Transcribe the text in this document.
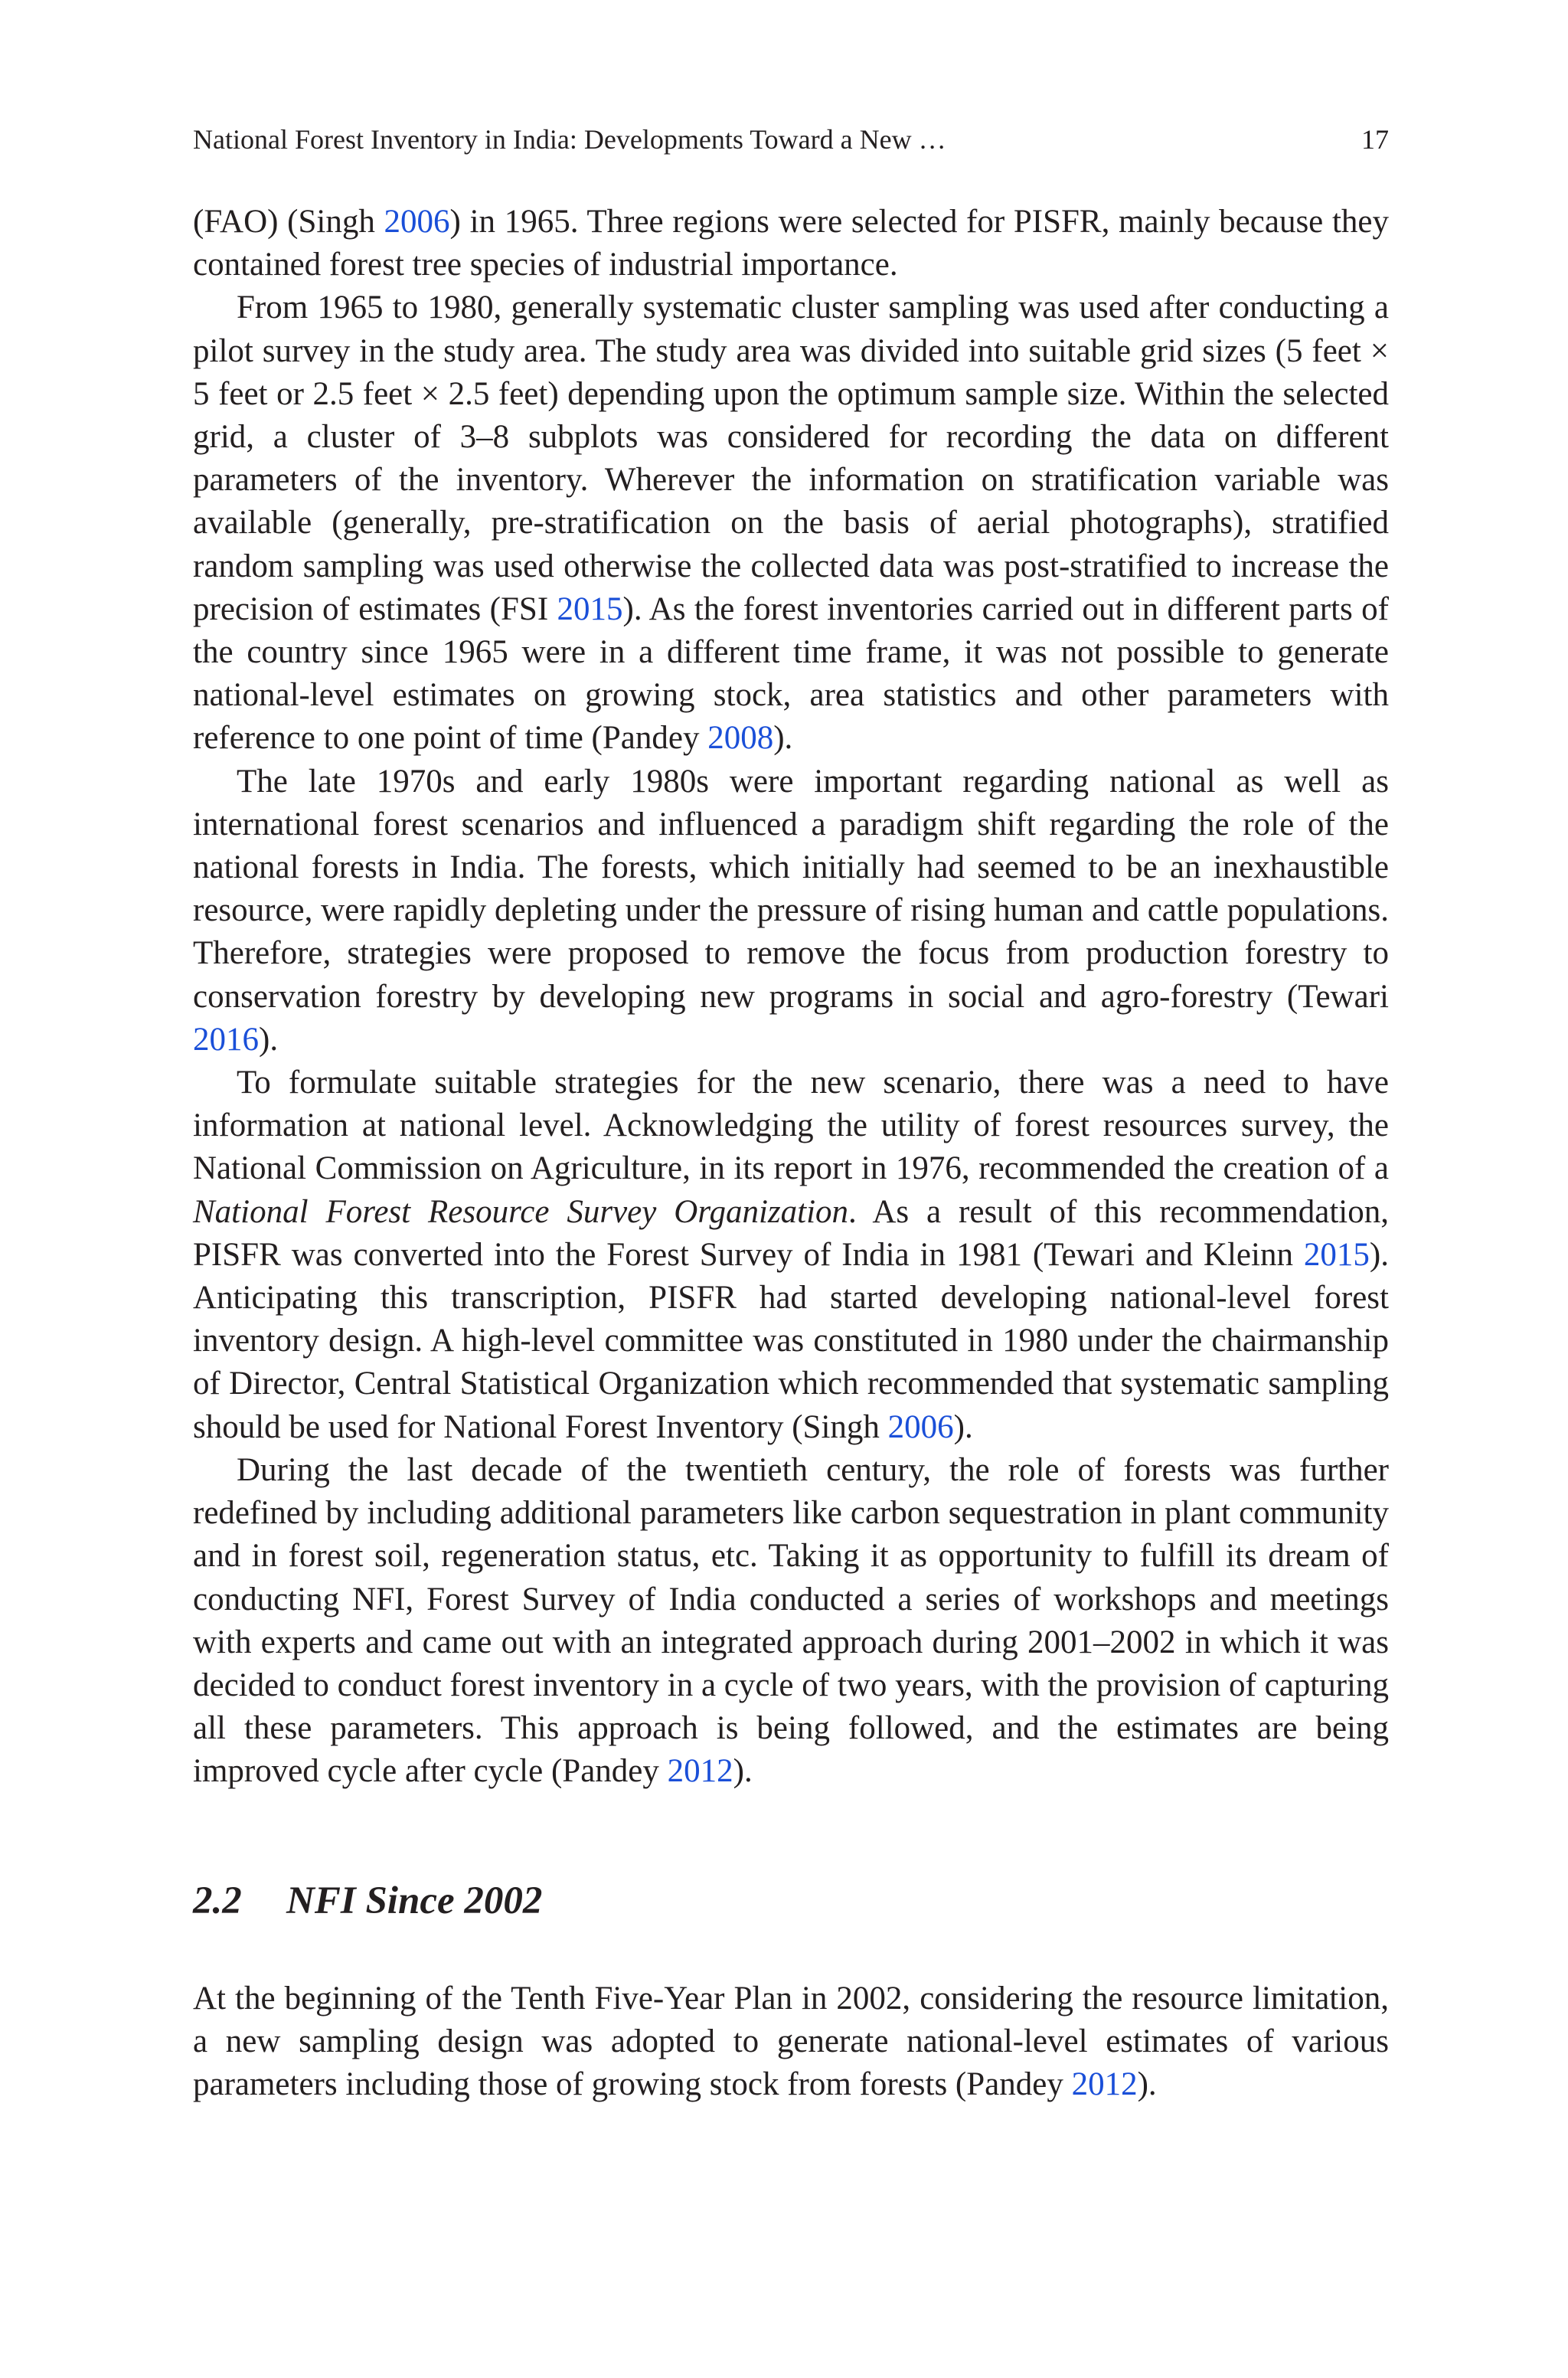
National Forest Inventory in India: Developments Toward a New …	17

(FAO) (Singh 2006) in 1965. Three regions were selected for PISFR, mainly because they contained forest tree species of industrial importance.

From 1965 to 1980, generally systematic cluster sampling was used after conducting a pilot survey in the study area. The study area was divided into suitable grid sizes (5 feet × 5 feet or 2.5 feet × 2.5 feet) depending upon the optimum sample size. Within the selected grid, a cluster of 3–8 subplots was considered for recording the data on different parameters of the inventory. Wherever the information on stratification variable was available (generally, pre-stratification on the basis of aerial photographs), stratified random sampling was used otherwise the collected data was post-stratified to increase the precision of estimates (FSI 2015). As the forest inventories carried out in different parts of the country since 1965 were in a different time frame, it was not possible to generate national-level estimates on growing stock, area statistics and other parameters with reference to one point of time (Pandey 2008).

The late 1970s and early 1980s were important regarding national as well as international forest scenarios and influenced a paradigm shift regarding the role of the national forests in India. The forests, which initially had seemed to be an inexhaustible resource, were rapidly depleting under the pressure of rising human and cattle populations. Therefore, strategies were proposed to remove the focus from production forestry to conservation forestry by developing new programs in social and agro-forestry (Tewari 2016).

To formulate suitable strategies for the new scenario, there was a need to have information at national level. Acknowledging the utility of forest resources survey, the National Commission on Agriculture, in its report in 1976, recommended the creation of a National Forest Resource Survey Organization. As a result of this recommendation, PISFR was converted into the Forest Survey of India in 1981 (Tewari and Kleinn 2015). Anticipating this transcription, PISFR had started developing national-level forest inventory design. A high-level committee was constituted in 1980 under the chairmanship of Director, Central Statistical Organization which recommended that systematic sampling should be used for National Forest Inventory (Singh 2006).

During the last decade of the twentieth century, the role of forests was further redefined by including additional parameters like carbon sequestration in plant community and in forest soil, regeneration status, etc. Taking it as opportunity to fulfill its dream of conducting NFI, Forest Survey of India conducted a series of workshops and meetings with experts and came out with an integrated approach during 2001–2002 in which it was decided to conduct forest inventory in a cycle of two years, with the provision of capturing all these parameters. This approach is being followed, and the estimates are being improved cycle after cycle (Pandey 2012).

2.2	NFI Since 2002

At the beginning of the Tenth Five-Year Plan in 2002, considering the resource limitation, a new sampling design was adopted to generate national-level estimates of various parameters including those of growing stock from forests (Pandey 2012).
